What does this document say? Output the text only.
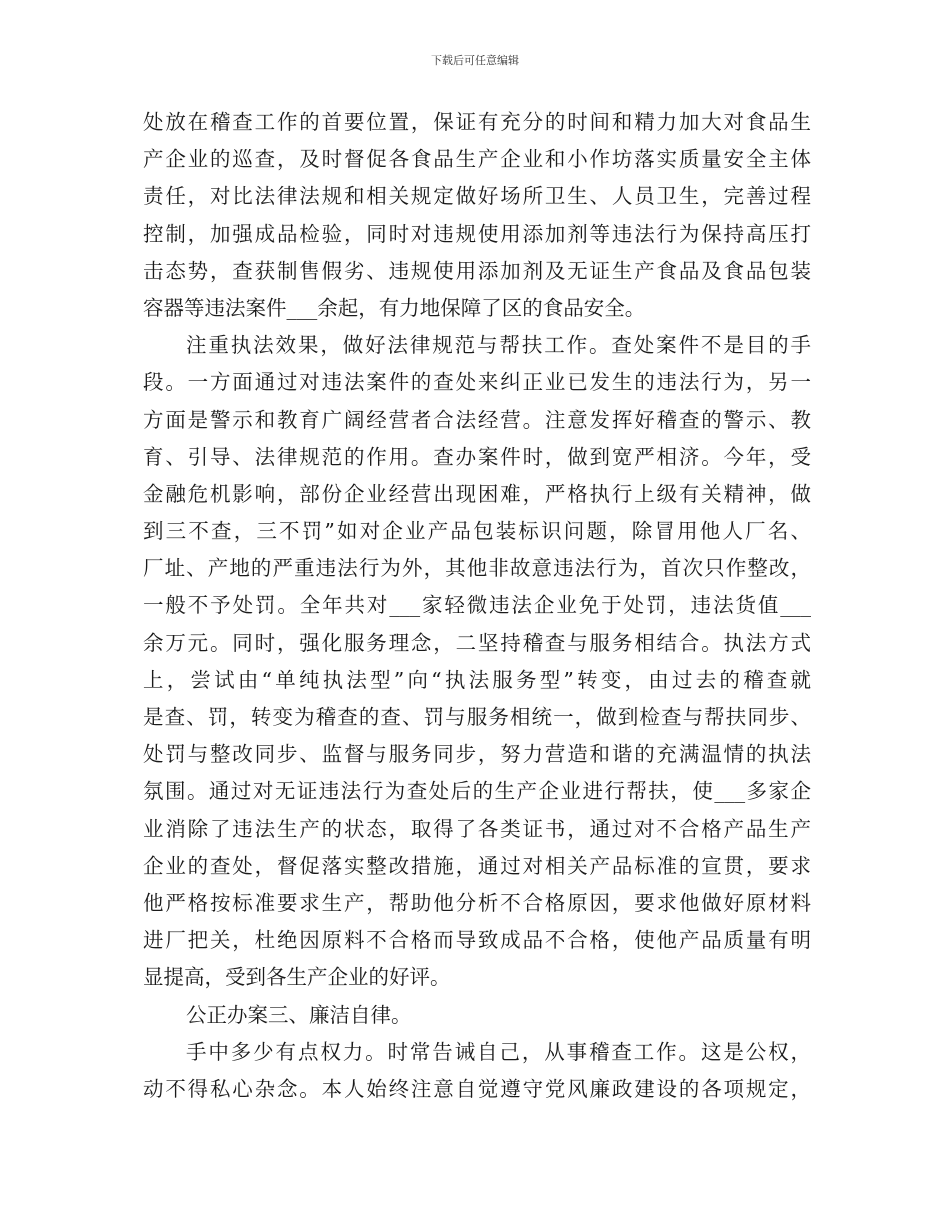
下载后可任意编辑
处放在稽查工作的首要位置，保证有充分的时间和精力加大对食品生
产企业的巡查，及时督促各食品生产企业和小作坊落实质量安全主体
责任，对比法律法规和相关规定做好场所卫生、人员卫生，完善过程
控制，加强成品检验，同时对违规使用添加剂等违法行为保持高压打
击态势，查获制售假劣、违规使用添加剂及无证生产食品及食品包装
容器等违法案件___余起，有力地保障了区的食品安全。
注重执法效果，做好法律规范与帮扶工作。查处案件不是目的手
段。一方面通过对违法案件的查处来纠正业已发生的违法行为，另一
方面是警示和教育广阔经营者合法经营。注意发挥好稽查的警示、教
育、引导、法律规范的作用。查办案件时，做到宽严相济。今年，受
金融危机影响，部份企业经营出现困难，严格执行上级有关精神，做
到三不查，三不罚”如对企业产品包装标识问题，除冒用他人厂名、
厂址、产地的严重违法行为外，其他非故意违法行为，首次只作整改，
一般不予处罚。全年共对___家轻微违法企业免于处罚，违法货值___
余万元。同时，强化服务理念，二坚持稽查与服务相结合。执法方式
上，尝试由“单纯执法型”向“执法服务型”转变，由过去的稽查就
是查、罚，转变为稽查的查、罚与服务相统一，做到检查与帮扶同步、
处罚与整改同步、监督与服务同步，努力营造和谐的充满温情的执法
氛围。通过对无证违法行为查处后的生产企业进行帮扶，使___多家企
业消除了违法生产的状态，取得了各类证书，通过对不合格产品生产
企业的查处，督促落实整改措施，通过对相关产品标准的宣贯，要求
他严格按标准要求生产，帮助他分析不合格原因，要求他做好原材料
进厂把关，杜绝因原料不合格而导致成品不合格，使他产品质量有明
显提高，受到各生产企业的好评。
公正办案三、廉洁自律。
手中多少有点权力。时常告诫自己，从事稽查工作。这是公权，
动不得私心杂念。本人始终注意自觉遵守党风廉政建设的各项规定，
